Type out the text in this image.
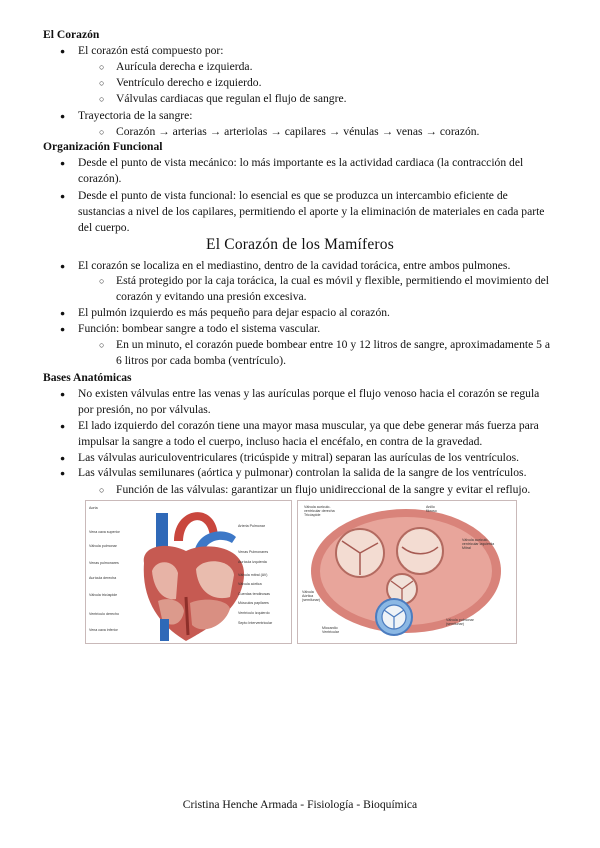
El Corazón
● El corazón está compuesto por:
○ Aurícula derecha e izquierda.
○ Ventrículo derecho e izquierdo.
○ Válvulas cardiacas que regulan el flujo de sangre.
● Trayectoria de la sangre:
○ Corazón → arterias → arteriolas → capilares → vénulas → venas → corazón.
Organización Funcional
● Desde el punto de vista mecánico: lo más importante es la actividad cardiaca (la contracción del corazón).
● Desde el punto de vista funcional: lo esencial es que se produzca un intercambio eficiente de sustancias a nivel de los capilares, permitiendo el aporte y la eliminación de materiales en cada parte del cuerpo.
El Corazón de los Mamíferos
● El corazón se localiza en el mediastino, dentro de la cavidad torácica, entre ambos pulmones.
○ Está protegido por la caja torácica, la cual es móvil y flexible, permitiendo el movimiento del corazón y evitando una presión excesiva.
● El pulmón izquierdo es más pequeño para dejar espacio al corazón.
● Función: bombear sangre a todo el sistema vascular.
○ En un minuto, el corazón puede bombear entre 10 y 12 litros de sangre, aproximadamente 5 a 6 litros por cada bomba (ventrículo).
Bases Anatómicas
● No existen válvulas entre las venas y las aurículas porque el flujo venoso hacia el corazón se regula por presión, no por válvulas.
● El lado izquierdo del corazón tiene una mayor masa muscular, ya que debe generar más fuerza para impulsar la sangre a todo el cuerpo, incluso hacia el encéfalo, en contra de la gravedad.
● Las válvulas auriculoventriculares (tricúspide y mitral) separan las aurículas de los ventrículos.
● Las válvulas semilunares (aórtica y pulmonar) controlan la salida de la sangre de los ventrículos.
○ Función de las válvulas: garantizar un flujo unidireccional de la sangre y evitar el reflujo.
Aorta
Vena cava superior
Válvula pulmonar
Venas pulmonares
Aurícula derecha
Válvula tricúspide
Ventrículo derecho
Vena cava inferior
Arteria Pulmonar
Venas Pulmonares
Aurícula izquierda
Válvula mitral (AV)
Válvula aórtica
Cuerdas tendinosas
Músculos papilares
Ventrículo izquierdo
Septo Interventricular
Válvula auriculo-
ventricular derecha
Tricúspide
Anillo
fibroso
Válvula auriculo-
ventricular izquierda
Mitral
Válvula
Aórtica
(semilunar)
Válvula pulmonar
(semilunar)
Miocardio
Ventricular
Cristina Henche Armada - Fisiología - Bioquímica
